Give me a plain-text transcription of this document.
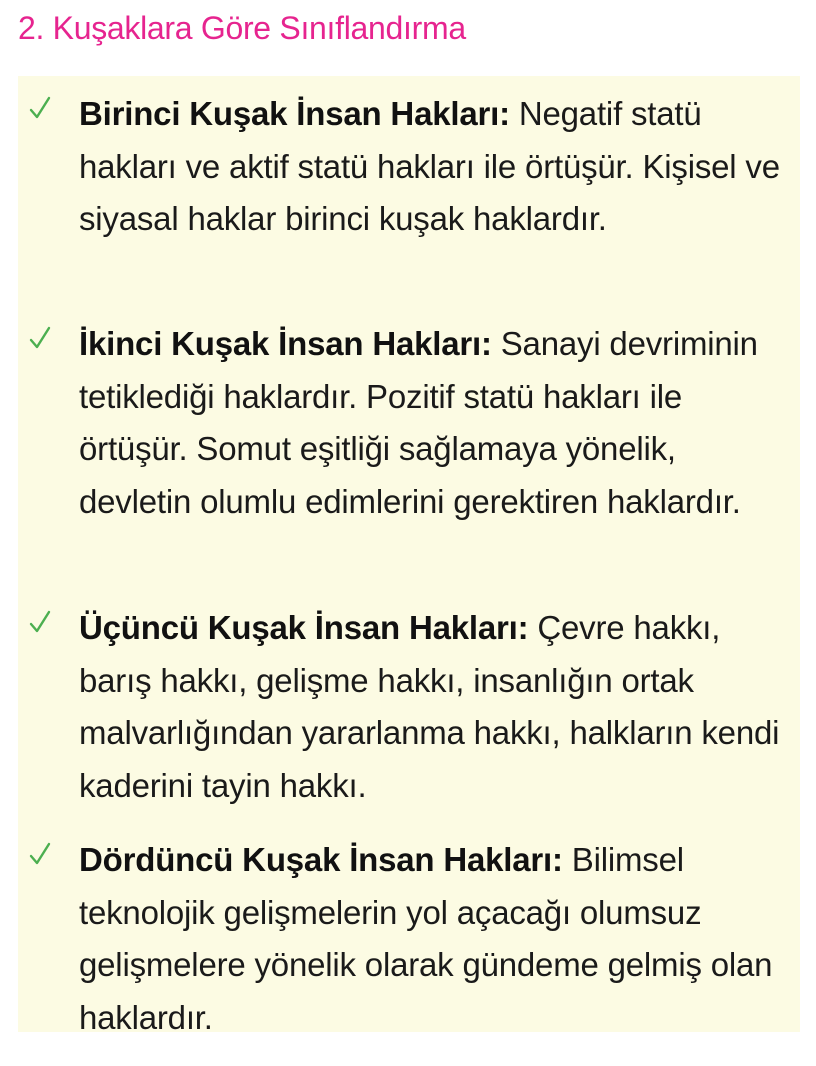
2. Kuşaklara Göre Sınıflandırma

Birinci Kuşak İnsan Hakları: Negatif statü hakları ve aktif statü hakları ile örtüşür. Kişisel ve siyasal haklar birinci kuşak haklardır.

İkinci Kuşak İnsan Hakları: Sanayi devriminin tetiklediği haklardır. Pozitif statü hakları ile örtüşür. Somut eşitliği sağlamaya yönelik, devletin olumlu edimlerini gerektiren haklardır.

Üçüncü Kuşak İnsan Hakları: Çevre hakkı, barış hakkı, gelişme hakkı, insanlığın ortak malvarlığından yararlanma hakkı, halkların kendi kaderini tayin hakkı.

Dördüncü Kuşak İnsan Hakları: Bilimsel teknolojik gelişmelerin yol açacağı olumsuz gelişmelere yönelik olarak gündeme gelmiş olan haklardır.
